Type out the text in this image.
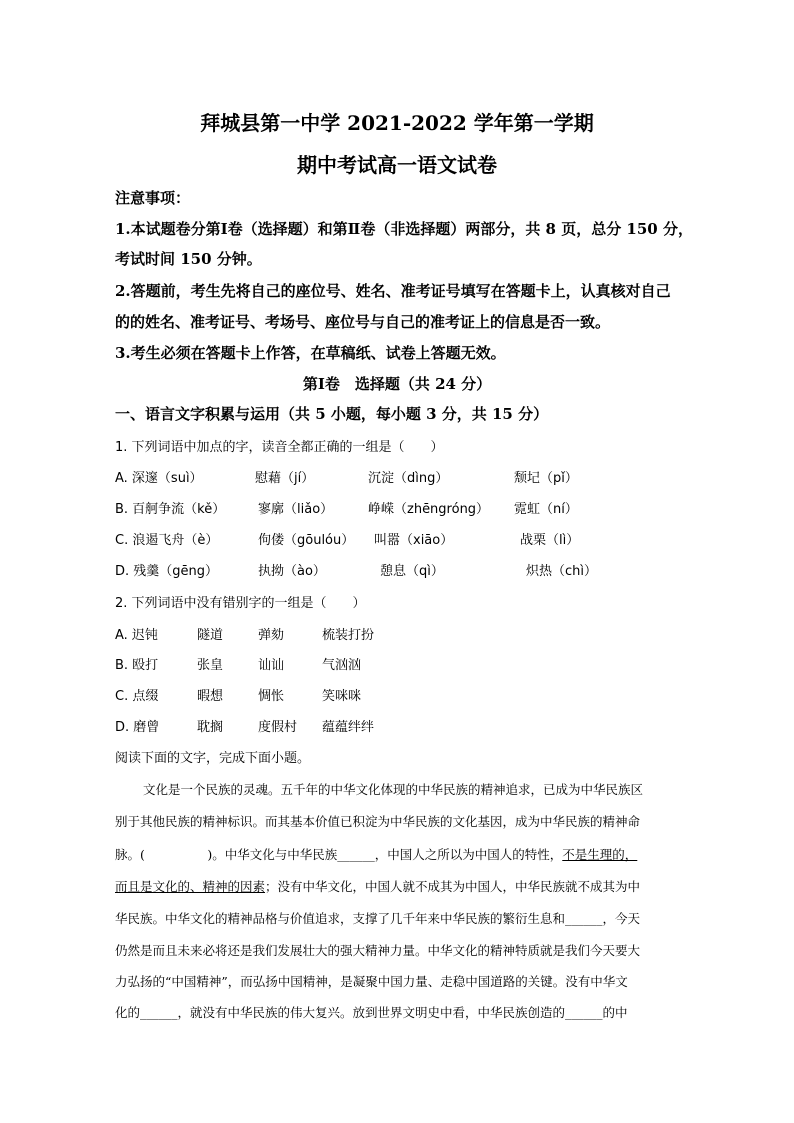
拜城县第一中学 2021-2022 学年第一学期
期中考试高一语文试卷
注意事项：
1.本试题卷分第Ⅰ卷（选择题）和第Ⅱ卷（非选择题）两部分，共 8 页，总分 150 分，
考试时间 150 分钟。
2.答题前，考生先将自己的座位号、姓名、准考证号填写在答题卡上，认真核对自己
的的姓名、准考证号、考场号、座位号与自己的准考证上的信息是否一致。
3.考生必须在答题卡上作答，在草稿纸、试卷上答题无效。
第Ⅰ卷　选择题（共 24 分）
一、语言文字积累与运用（共 5 小题，每小题 3 分，共 15 分）
1. 下列词语中加点的字，读音全都正确的一组是（　　）
A. 深邃（suì）	慰藉（jí）	沉淀（dìng）	颓圮（pǐ）
B. 百舸争流（kě）	寥廓（liǎo）	峥嵘（zhēngróng） 霓虹（ní）
C. 浪遏飞舟（è）	佝偻（gōulóu） 叫嚣（xiāo）	战栗（lì）
D. 残羹（gēng）	执拗（ào）	憩息（qì）	炽热（chì）
2. 下列词语中没有错别字的一组是（　　）
A. 迟钝	隧道	弹劾	梳装打扮
B. 殴打	张皇	讪讪	气汹汹
C. 点缀	暇想	惆怅	笑咪咪
D. 磨曾	耽搁	度假村 蕴蕴绊绊
阅读下面的文字，完成下面小题。
文化是一个民族的灵魂。五千年的中华文化体现的中华民族的精神追求，已成为中华民族区
别于其他民族的精神标识。而其基本价值已积淀为中华民族的文化基因，成为中华民族的精神命
脉。(　　　　　)。中华文化与中华民族______，中国人之所以为中国人的特性，不是生理的，
而且是文化的、精神的因素；没有中华文化，中国人就不成其为中国人，中华民族就不成其为中
华民族。中华文化的精神品格与价值追求，支撑了几千年来中华民族的繁衍生息和______，今天
仍然是而且未来必将还是我们发展壮大的强大精神力量。中华文化的精神特质就是我们今天要大
力弘扬的“中国精神”，而弘扬中国精神，是凝聚中国力量、走稳中国道路的关键。没有中华文
化的______，就没有中华民族的伟大复兴。放到世界文明史中看，中华民族创造的______的中
